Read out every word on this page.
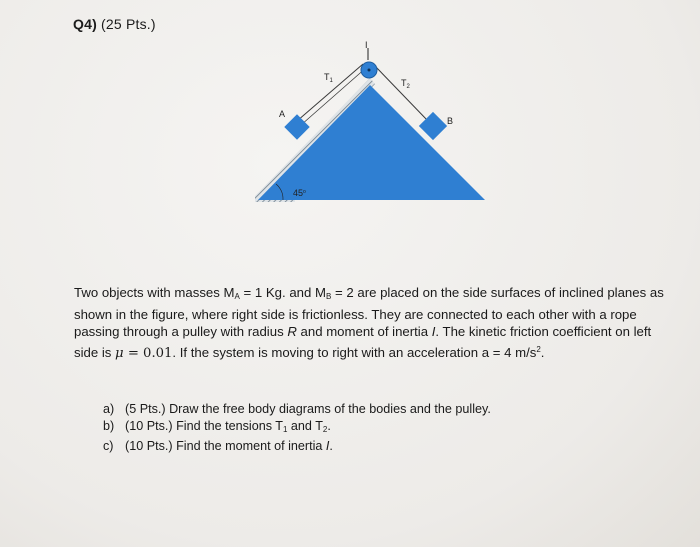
Q4) (25 Pts.)
I
$T_1$	$T_2$
A
B
45$^o$
Two objects with masses $M_A = 1$ Kg. and $M_B = 2$ are placed on the side surfaces of inclined planes as shown in the figure, where right side is frictionless. They are connected to each other with a rope passing through a pulley with radius R and moment of inertia I. The kinetic friction coefficient on left side is μ = 0.01. If the system is moving to right with an acceleration a = 4 $m/s^2$.
a) (5 Pts.) Draw the free body diagrams of the bodies and the pulley.
b) (10 Pts.) Find the tensions $T_1$ and $T_2$.
c) (10 Pts.) Find the moment of inertia I.
